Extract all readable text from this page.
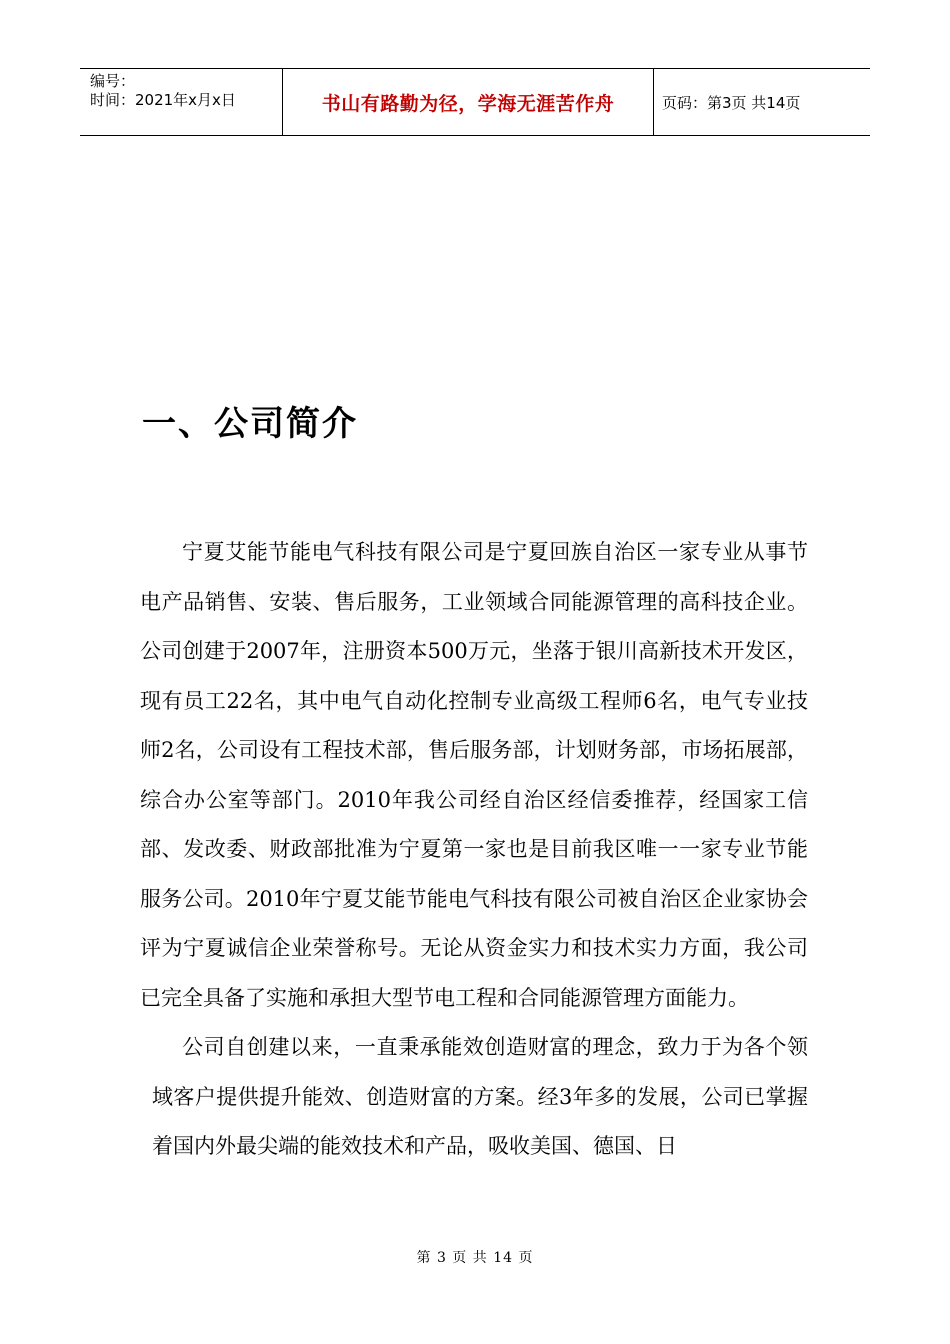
编号：
时间：2021年x月x日	书山有路勤为径，学海无涯苦作舟	页码：第3页 共14页
一、公司简介

宁夏艾能节能电气科技有限公司是宁夏回族自治区一家专业从事节电产品销售、安装、售后服务，工业领域合同能源管理的高科技企业。公司创建于2007年，注册资本500万元，坐落于银川高新技术开发区，现有员工22名，其中电气自动化控制专业高级工程师6名，电气专业技师2名，公司设有工程技术部，售后服务部，计划财务部，市场拓展部，综合办公室等部门。2010年我公司经自治区经信委推荐，经国家工信部、发改委、财政部批准为宁夏第一家也是目前我区唯一一家专业节能服务公司。2010年宁夏艾能节能电气科技有限公司被自治区企业家协会评为宁夏诚信企业荣誉称号。无论从资金实力和技术实力方面，我公司已完全具备了实施和承担大型节电工程和合同能源管理方面能力。

公司自创建以来，一直秉承能效创造财富的理念，致力于为各个领域客户提供提升能效、创造财富的方案。经3年多的发展，公司已掌握着国内外最尖端的能效技术和产品，吸收美国、德国、日

第 3 页 共 14 页
